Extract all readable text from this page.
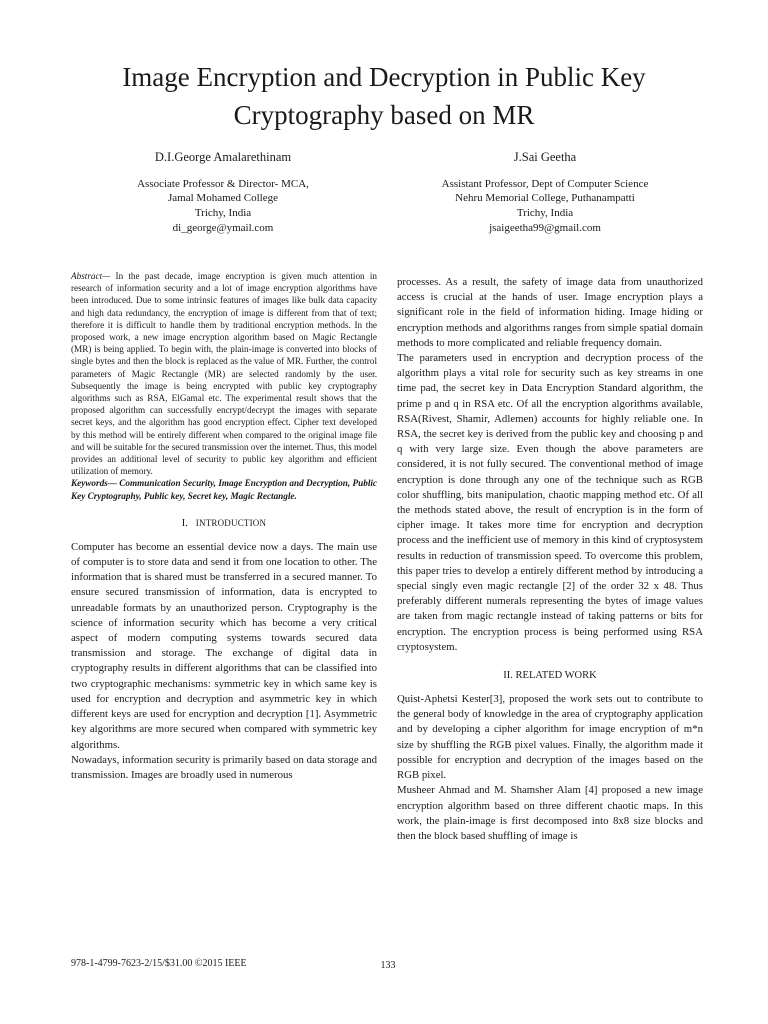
Image Encryption and Decryption in Public Key
Cryptography based on MR
D.I.George Amalarethinam
Associate Professor & Director- MCA,
Jamal Mohamed College
Trichy, India
di_george@ymail.com
J.Sai Geetha
Assistant Professor, Dept of Computer Science
Nehru Memorial College, Puthanampatti
Trichy, India
jsaigeetha99@gmail.com

Abstract— In the past decade, image encryption is given much attention in research of information security and a lot of image encryption algorithms have been introduced. Due to some intrinsic features of images like bulk data capacity and high data redundancy, the encryption of image is different from that of text; therefore it is difficult to handle them by traditional encryption methods. In the proposed work, a new image encryption algorithm based on Magic Rectangle (MR) is being applied. To begin with, the plain-image is converted into blocks of single bytes and then the block is replaced as the value of MR. Further, the control parameters of Magic Rectangle (MR) are selected randomly by the user. Subsequently the image is being encrypted with public key cryptography algorithms such as RSA, ElGamal etc. The experimental result shows that the proposed algorithm can successfully encrypt/decrypt the images with separate secret keys, and the algorithm has good encryption effect. Cipher text developed by this method will be entirely different when compared to the original image file and will be suitable for the secured transmission over the internet. Thus, this model provides an additional level of security to public key algorithm and efficient utilization of memory.

Keywords— Communication Security, Image Encryption and Decryption, Public Key Cryptography, Public key, Secret key, Magic Rectangle.

I. INTRODUCTION

Computer has become an essential device now a days. The main use of computer is to store data and send it from one location to other. The information that is shared must be transferred in a secured manner. To ensure secured transmission of information, data is encrypted to unreadable formats by an unauthorized person. Cryptography is the science of information security which has become a very critical aspect of modern computing systems towards secured data transmission and storage. The exchange of digital data in cryptography results in different algorithms that can be classified into two cryptographic mechanisms: symmetric key in which same key is used for encryption and decryption and asymmetric key in which different keys are used for encryption and decryption [1]. Asymmetric key algorithms are more secured when compared with symmetric key algorithms.

Nowadays, information security is primarily based on data storage and transmission. Images are broadly used in numerous

processes. As a result, the safety of image data from unauthorized access is crucial at the hands of user. Image encryption plays a significant role in the field of information hiding. Image hiding or encryption methods and algorithms ranges from simple spatial domain methods to more complicated and reliable frequency domain.

The parameters used in encryption and decryption process of the algorithm plays a vital role for security such as key streams in one time pad, the secret key in Data Encryption Standard algorithm, the prime p and q in RSA etc. Of all the encryption algorithms available, RSA(Rivest, Shamir, Adlemen) accounts for highly reliable one. In RSA, the secret key is derived from the public key and choosing p and q with very large size. Even though the above parameters are considered, it is not fully secured. The conventional method of image encryption is done through any one of the technique such as RGB color shuffling, bits manipulation, chaotic mapping method etc. Of all the methods stated above, the result of encryption is in the form of cipher image. It takes more time for encryption and decryption process and the inefficient use of memory in this kind of cryptosystem results in reduction of transmission speed. To overcome this problem, this paper tries to develop a entirely different method by introducing a special singly even magic rectangle [2] of the order 32 x 48. Thus preferably different numerals representing the bytes of image values are taken from magic rectangle instead of taking patterns or bits for encryption. The encryption process is being performed using RSA cryptosystem.

II. RELATED WORK

Quist-Aphetsi Kester[3], proposed the work sets out to contribute to the general body of knowledge in the area of cryptography application and by developing a cipher algorithm for image encryption of m*n size by shuffling the RGB pixel values. Finally, the algorithm made it possible for encryption and decryption of the images based on the RGB pixel.

Musheer Ahmad and M. Shamsher Alam [4] proposed a new image encryption algorithm based on three different chaotic maps. In this work, the plain-image is first decomposed into 8x8 size blocks and then the block based shuffling of image is

978-1-4799-7623-2/15/$31.00 ©2015 IEEE	133
